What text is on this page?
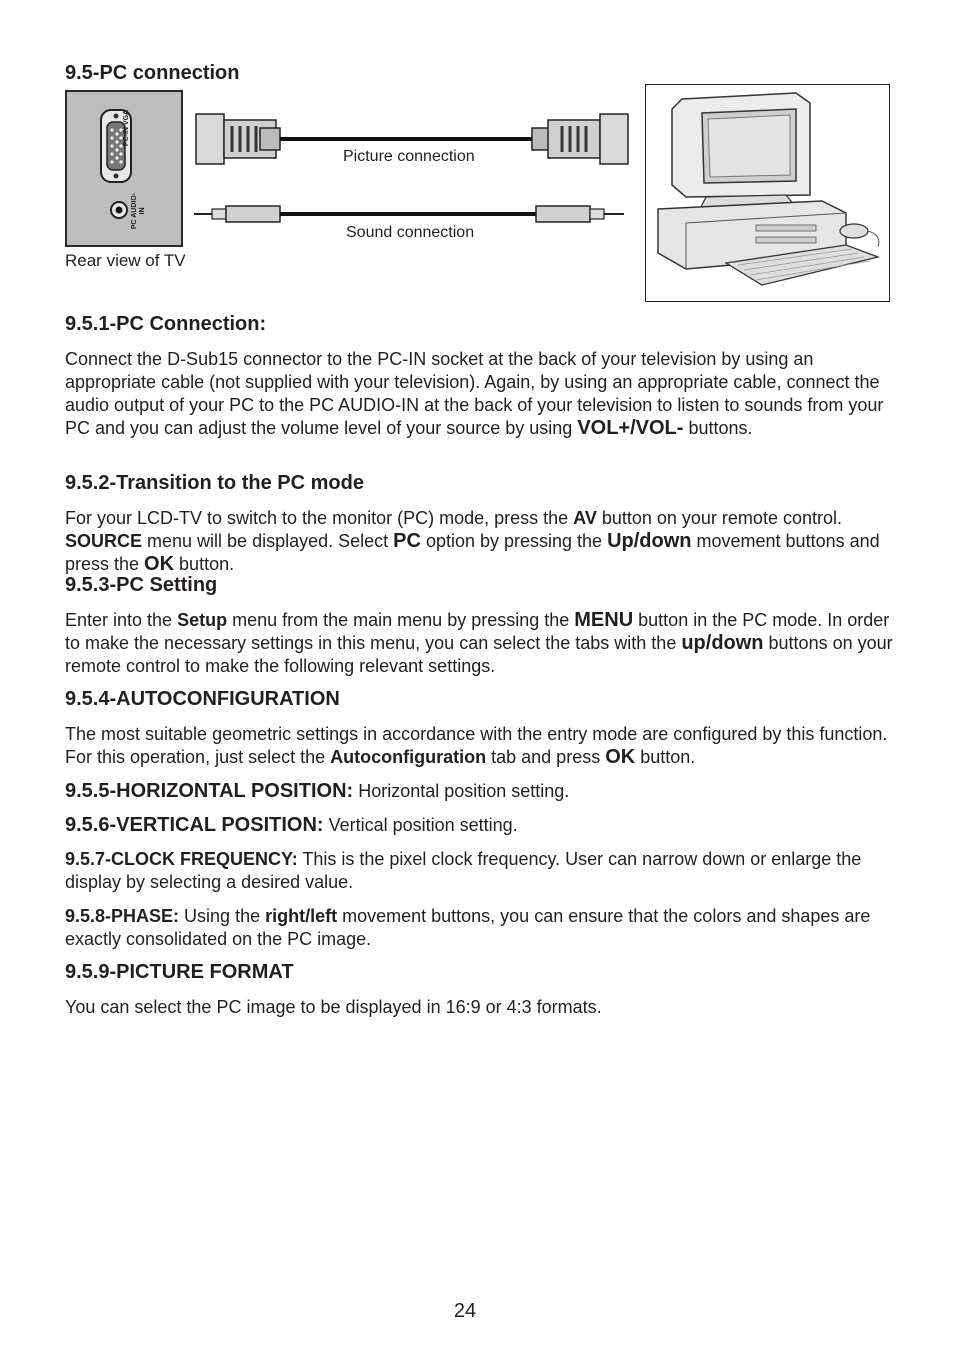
9.5-PC connection
PC-IN VGA
PC AUDIO-IN
Picture connection
Sound connection
Rear view of TV
9.5.1-PC Connection:
Connect the D-Sub15 connector to the PC-IN socket at the back of your television by using an appropriate cable (not supplied with your television). Again, by using an appropriate cable, connect the audio output of your PC to the PC AUDIO-IN at the back of your television to listen to sounds from your PC and you can adjust the volume level of your source by using VOL+/VOL- buttons.
9.5.2-Transition to the PC mode
For your LCD-TV to switch to the monitor (PC) mode, press the AV button on your remote control. SOURCE menu will be displayed. Select PC option by pressing the Up/down movement buttons and press the OK button.
9.5.3-PC Setting
Enter into the Setup menu from the main menu by pressing the MENU button in the PC mode. In order to make the necessary settings in this menu, you can select the tabs with the up/down buttons on your remote control to make the following relevant settings.
9.5.4-AUTOCONFIGURATION
The most suitable geometric settings in accordance with the entry mode are configured by this function. For this operation, just select the Autoconfiguration tab and press OK button.
9.5.5-HORIZONTAL POSITION: Horizontal position setting.
9.5.6-VERTICAL POSITION: Vertical position setting.
9.5.7-CLOCK FREQUENCY: This is the pixel clock frequency. User can narrow down or enlarge the display by selecting a desired value.
9.5.8-PHASE: Using the right/left movement buttons, you can ensure that the colors and shapes are exactly consolidated on the PC image.
9.5.9-PICTURE FORMAT
You can select the PC image to be displayed in 16:9 or 4:3 formats.
24
